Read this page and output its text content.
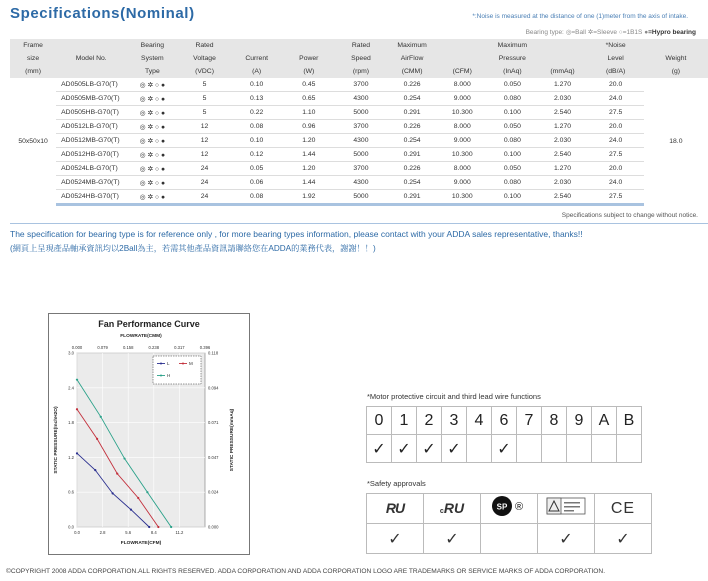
Specifications(Nominal)	*:Noise is measured at the distance of one (1)meter from the axis of intake.
Bearing type: ◎=Ball ✲=Sleeve ○=1B1S ●=Hypro bearing
Frame		Bearing	Rated			Rated	Maximum		Maximum		*Noise	
size	Model No.	System	Voltage	Current	Power	Speed	AirFlow		Pressure		Level	Weight
(mm)		Type	(VDC)	(A)	(W)	(rpm)	(CMM)	(CFM)	(InAq)	(mmAq)	(dB/A)	(g)
50x50x10	AD0505LB-G70(T)	◎ ✲ ○ ●	5	0.10	0.45	3700	0.226	8.000	0.050	1.270	20.0	18.0
	AD0505MB-G70(T)	◎ ✲ ○ ●	5	0.13	0.65	4300	0.254	9.000	0.080	2.030	24.0	
	AD0505HB-G70(T)	◎ ✲ ○ ●	5	0.22	1.10	5000	0.291	10.300	0.100	2.540	27.5	
	AD0512LB-G70(T)	◎ ✲ ○ ●	12	0.08	0.96	3700	0.226	8.000	0.050	1.270	20.0	
	AD0512MB-G70(T)	◎ ✲ ○ ●	12	0.10	1.20	4300	0.254	9.000	0.080	2.030	24.0	
	AD0512HB-G70(T)	◎ ✲ ○ ●	12	0.12	1.44	5000	0.291	10.300	0.100	2.540	27.5	
	AD0524LB-G70(T)	◎ ✲ ○ ●	24	0.05	1.20	3700	0.226	8.000	0.050	1.270	20.0	
	AD0524MB-G70(T)	◎ ✲ ○ ●	24	0.06	1.44	4300	0.254	9.000	0.080	2.030	24.0	
	AD0524HB-G70(T)	◎ ✲ ○ ●	24	0.08	1.92	5000	0.291	10.300	0.100	2.540	27.5	
Specifications subject to change without notice.
The specification for bearing type is for reference only , for more bearing types information, please contact with your ADDA sales representative, thanks!!
(網頁上呈現產品軸承資訊均以2Ball為主，若需其他產品資訊請聯絡您在ADDA的業務代表，謝謝！！)
Fan Performance Curve
FLOWRATE(CMM)
0.0
0.6
1.2
1.8
2.4
3.0
0.000
0.024
0.047
0.071
0.094
0.118
0.0	2.8	5.6	8.4	11.2
0.000	0.079	0.158	0.238	0.317	0.396
FLOWRATE(CFM)
STATIC PRESSURE(InchH2O)	STATIC PRESSURE(mmAq)
L	M
H
*Motor protective circuit and third lead wire functions
0	1	2	3	4	6	7	8	9	A	B
✓	✓	✓	✓		✓					
*Safety approvals
RU	cRU	SP ®		CE
✓	✓		✓	✓
©COPYRIGHT 2008 ADDA CORPORATION.ALL RIGHTS RESERVED. ADDA CORPORATION AND ADDA CORPORATION LOGO ARE TRADEMARKS OR SERVICE MARKS OF ADDA CORPORATION.
